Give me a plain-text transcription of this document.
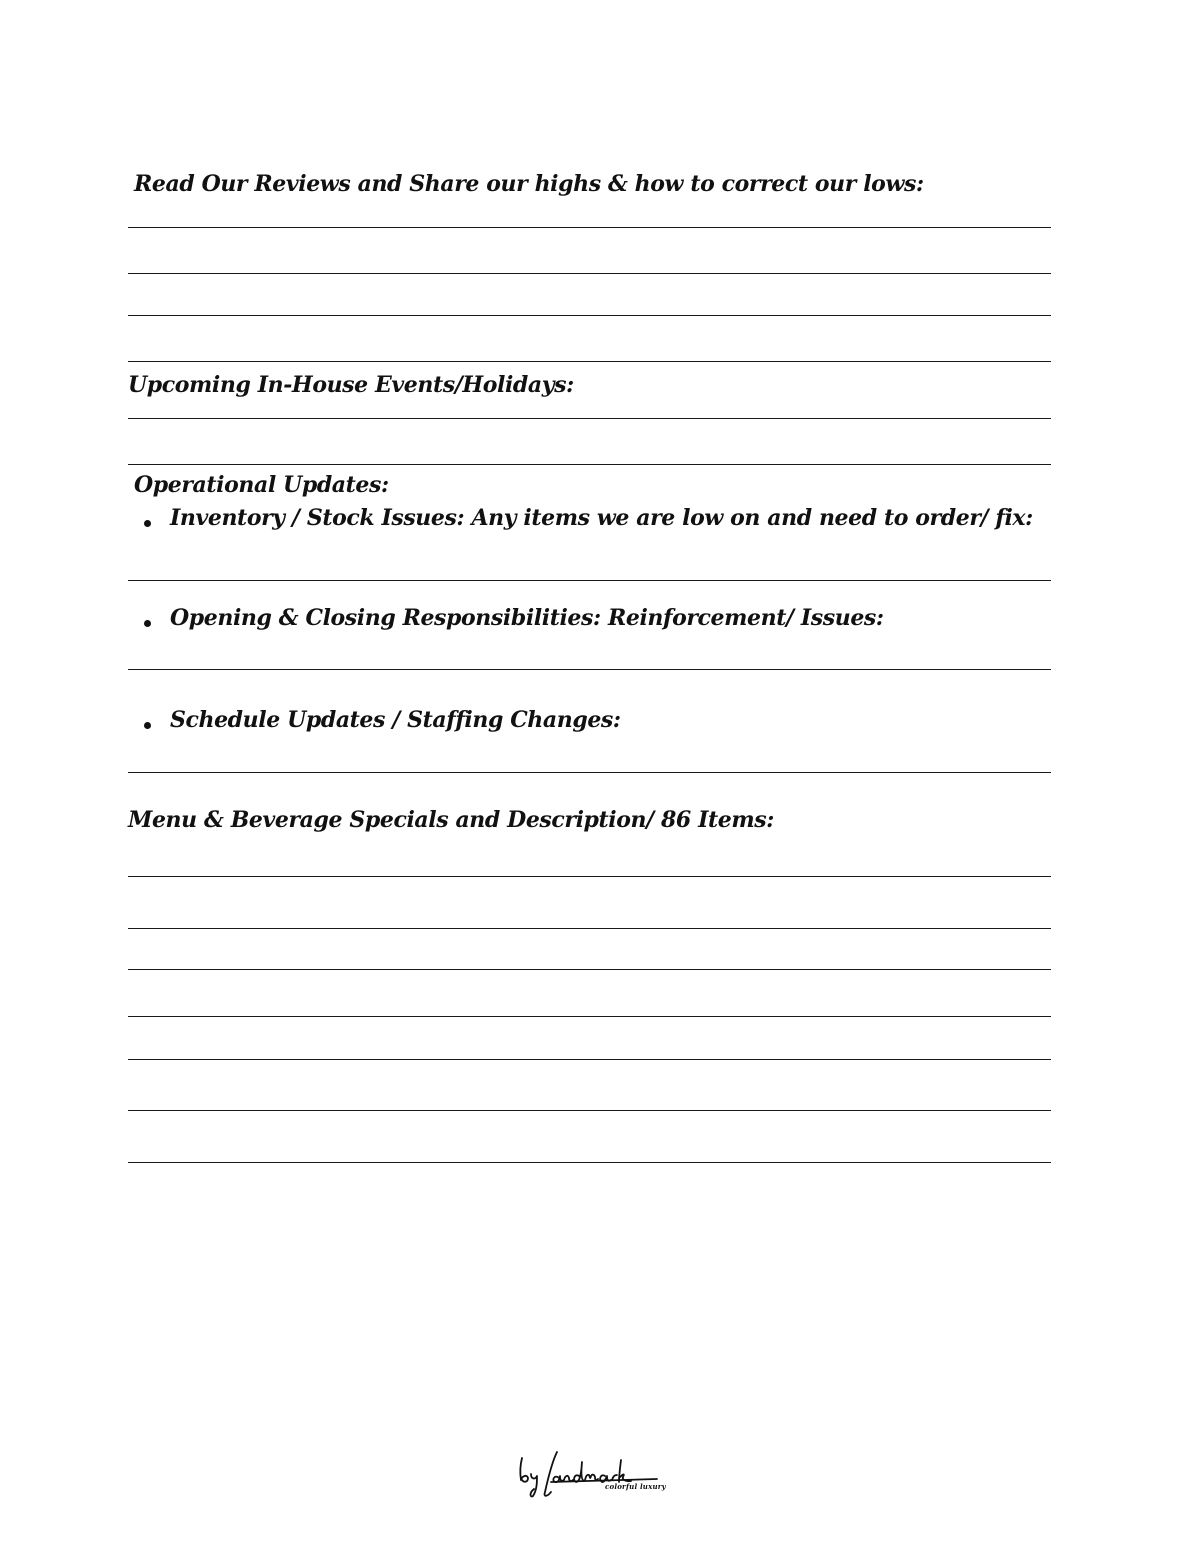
Read Our Reviews and Share our highs & how to correct our lows:
Upcoming In-House Events/Holidays:
Operational Updates:
Inventory / Stock Issues: Any items we are low on and need to order/ fix:
Opening & Closing Responsibilities: Reinforcement/ Issues:
Schedule Updates / Staffing Changes:
Menu & Beverage Specials and Description/ 86 Items:
colorful luxury
